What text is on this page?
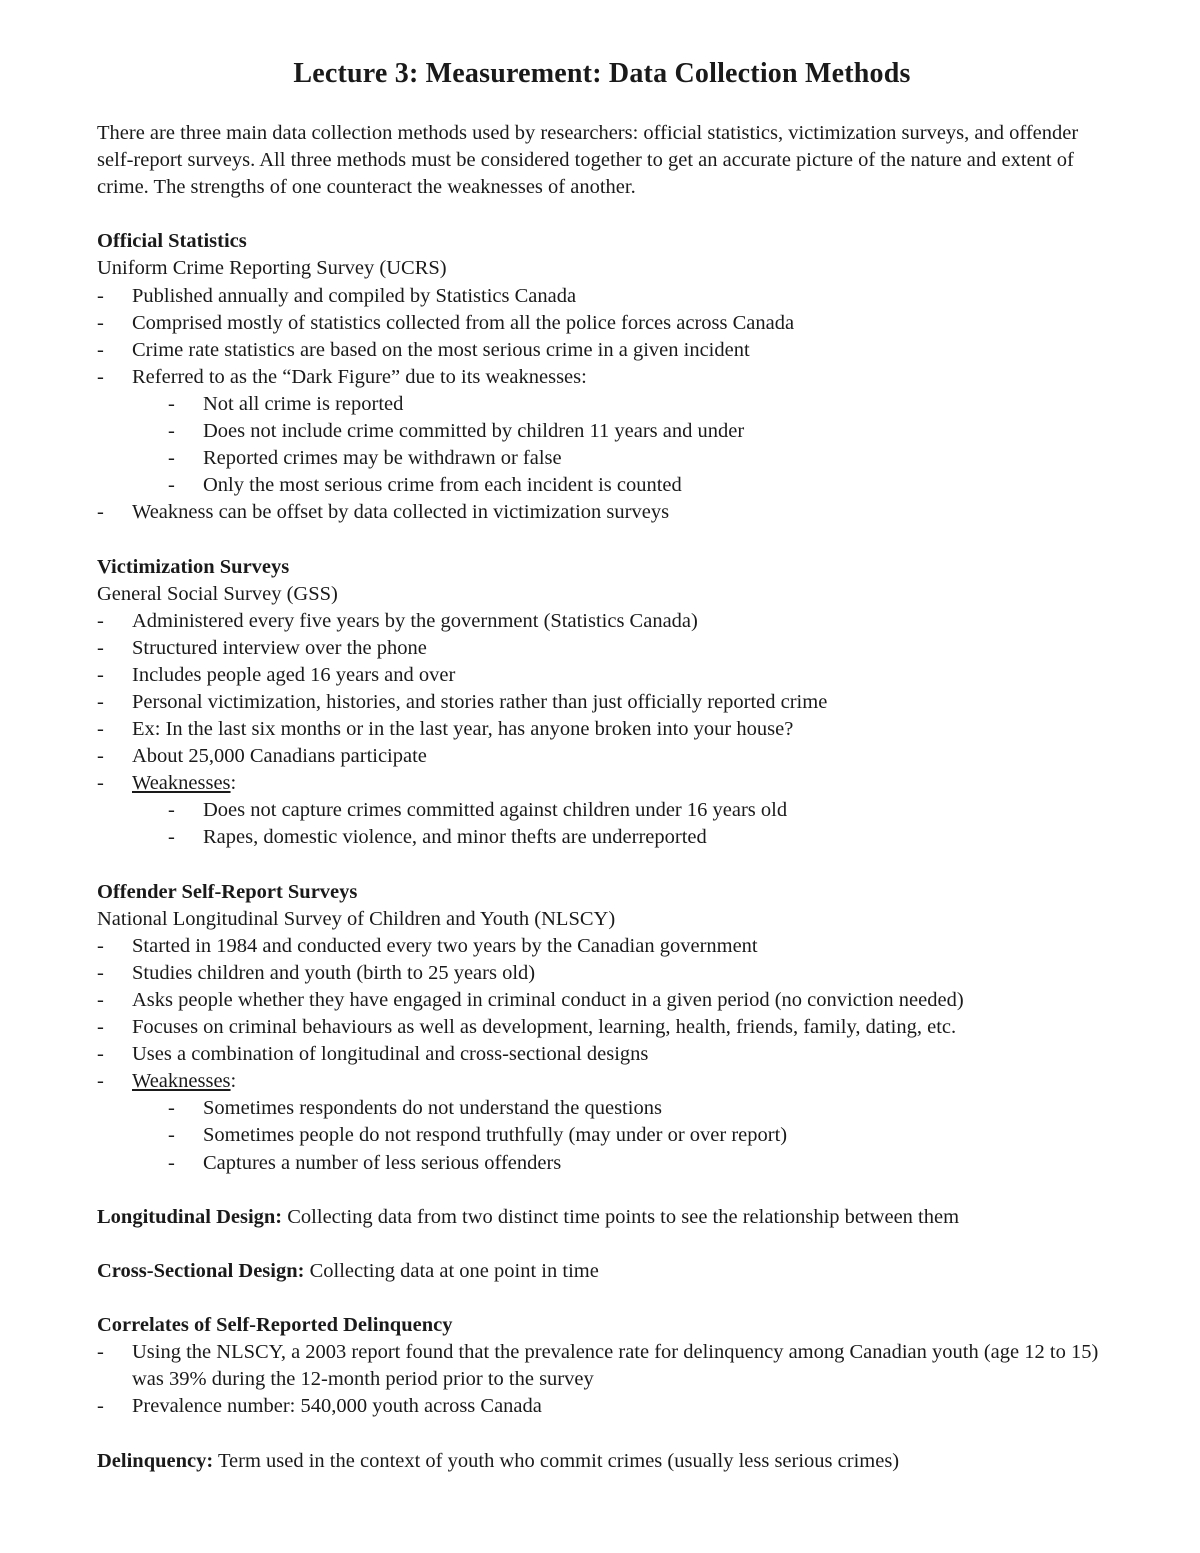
Lecture 3: Measurement: Data Collection Methods

There are three main data collection methods used by researchers: official statistics, victimization surveys, and offender self-report surveys. All three methods must be considered together to get an accurate picture of the nature and extent of crime. The strengths of one counteract the weaknesses of another.

Official Statistics

Uniform Crime Reporting Survey (UCRS)

- Published annually and compiled by Statistics Canada
- Comprised mostly of statistics collected from all the police forces across Canada
- Crime rate statistics are based on the most serious crime in a given incident
- Referred to as the “Dark Figure” due to its weaknesses:
- Not all crime is reported
- Does not include crime committed by children 11 years and under
- Reported crimes may be withdrawn or false
- Only the most serious crime from each incident is counted
- Weakness can be offset by data collected in victimization surveys

Victimization Surveys

General Social Survey (GSS)

- Administered every five years by the government (Statistics Canada)
- Structured interview over the phone
- Includes people aged 16 years and over
- Personal victimization, histories, and stories rather than just officially reported crime
- Ex: In the last six months or in the last year, has anyone broken into your house?
- About 25,000 Canadians participate
- Weaknesses:
- Does not capture crimes committed against children under 16 years old
- Rapes, domestic violence, and minor thefts are underreported

Offender Self-Report Surveys

National Longitudinal Survey of Children and Youth (NLSCY)

- Started in 1984 and conducted every two years by the Canadian government
- Studies children and youth (birth to 25 years old)
- Asks people whether they have engaged in criminal conduct in a given period (no conviction needed)
- Focuses on criminal behaviours as well as development, learning, health, friends, family, dating, etc.
- Uses a combination of longitudinal and cross-sectional designs
- Weaknesses:
- Sometimes respondents do not understand the questions
- Sometimes people do not respond truthfully (may under or over report)
- Captures a number of less serious offenders

Longitudinal Design: Collecting data from two distinct time points to see the relationship between them

Cross-Sectional Design: Collecting data at one point in time

Correlates of Self-Reported Delinquency

- Using the NLSCY, a 2003 report found that the prevalence rate for delinquency among Canadian youth (age 12 to 15) was 39% during the 12-month period prior to the survey
- Prevalence number: 540,000 youth across Canada

Delinquency: Term used in the context of youth who commit crimes (usually less serious crimes)
